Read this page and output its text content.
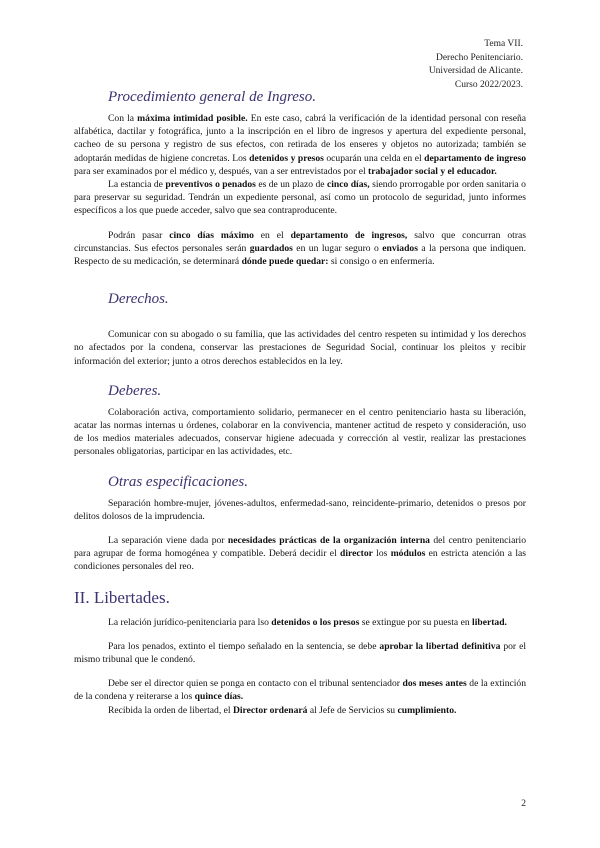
Tema VII.
Derecho Penitenciario.
Universidad de Alicante.
Curso 2022/2023.
Procedimiento general de Ingreso.

Con la máxima intimidad posible. En este caso, cabrá la verificación de la identidad personal con reseña alfabética, dactilar y fotográfica, junto a la inscripción en el libro de ingresos y apertura del expediente personal, cacheo de su persona y registro de sus efectos, con retirada de los enseres y objetos no autorizada; también se adoptarán medidas de higiene concretas. Los detenidos y presos ocuparán una celda en el departamento de ingreso para ser examinados por el médico y, después, van a ser entrevistados por el trabajador social y el educador.

La estancia de preventivos o penados es de un plazo de cinco días, siendo prorrogable por orden sanitaria o para preservar su seguridad. Tendrán un expediente personal, así como un protocolo de seguridad, junto informes específicos a los que puede acceder, salvo que sea contraproducente.

Podrán pasar cinco días máximo en el departamento de ingresos, salvo que concurran otras circunstancias. Sus efectos personales serán guardados en un lugar seguro o enviados a la persona que indiquen. Respecto de su medicación, se determinará dónde puede quedar: si consigo o en enfermería.

Derechos.

Comunicar con su abogado o su familia, que las actividades del centro respeten su intimidad y los derechos no afectados por la condena, conservar las prestaciones de Seguridad Social, continuar los pleitos y recibir información del exterior; junto a otros derechos establecidos en la ley.

Deberes.

Colaboración activa, comportamiento solidario, permanecer en el centro penitenciario hasta su liberación, acatar las normas internas u órdenes, colaborar en la convivencia, mantener actitud de respeto y consideración, uso de los medios materiales adecuados, conservar higiene adecuada y corrección al vestir, realizar las prestaciones personales obligatorias, participar en las actividades, etc.

Otras especificaciones.

Separación hombre-mujer, jóvenes-adultos, enfermedad-sano, reincidente-primario, detenidos o presos por delitos dolosos de la imprudencia.

La separación viene dada por necesidades prácticas de la organización interna del centro penitenciario para agrupar de forma homogénea y compatible. Deberá decidir el director los módulos en estricta atención a las condiciones personales del reo.

II. Libertades.

La relación jurídico-penitenciaria para lso detenidos o los presos se extingue por su puesta en libertad.

Para los penados, extinto el tiempo señalado en la sentencia, se debe aprobar la libertad definitiva por el mismo tribunal que le condenó.

Debe ser el director quien se ponga en contacto con el tribunal sentenciador dos meses antes de la extinción de la condena y reiterarse a los quince días.

Recibida la orden de libertad, el Director ordenará al Jefe de Servicios su cumplimiento.

2
